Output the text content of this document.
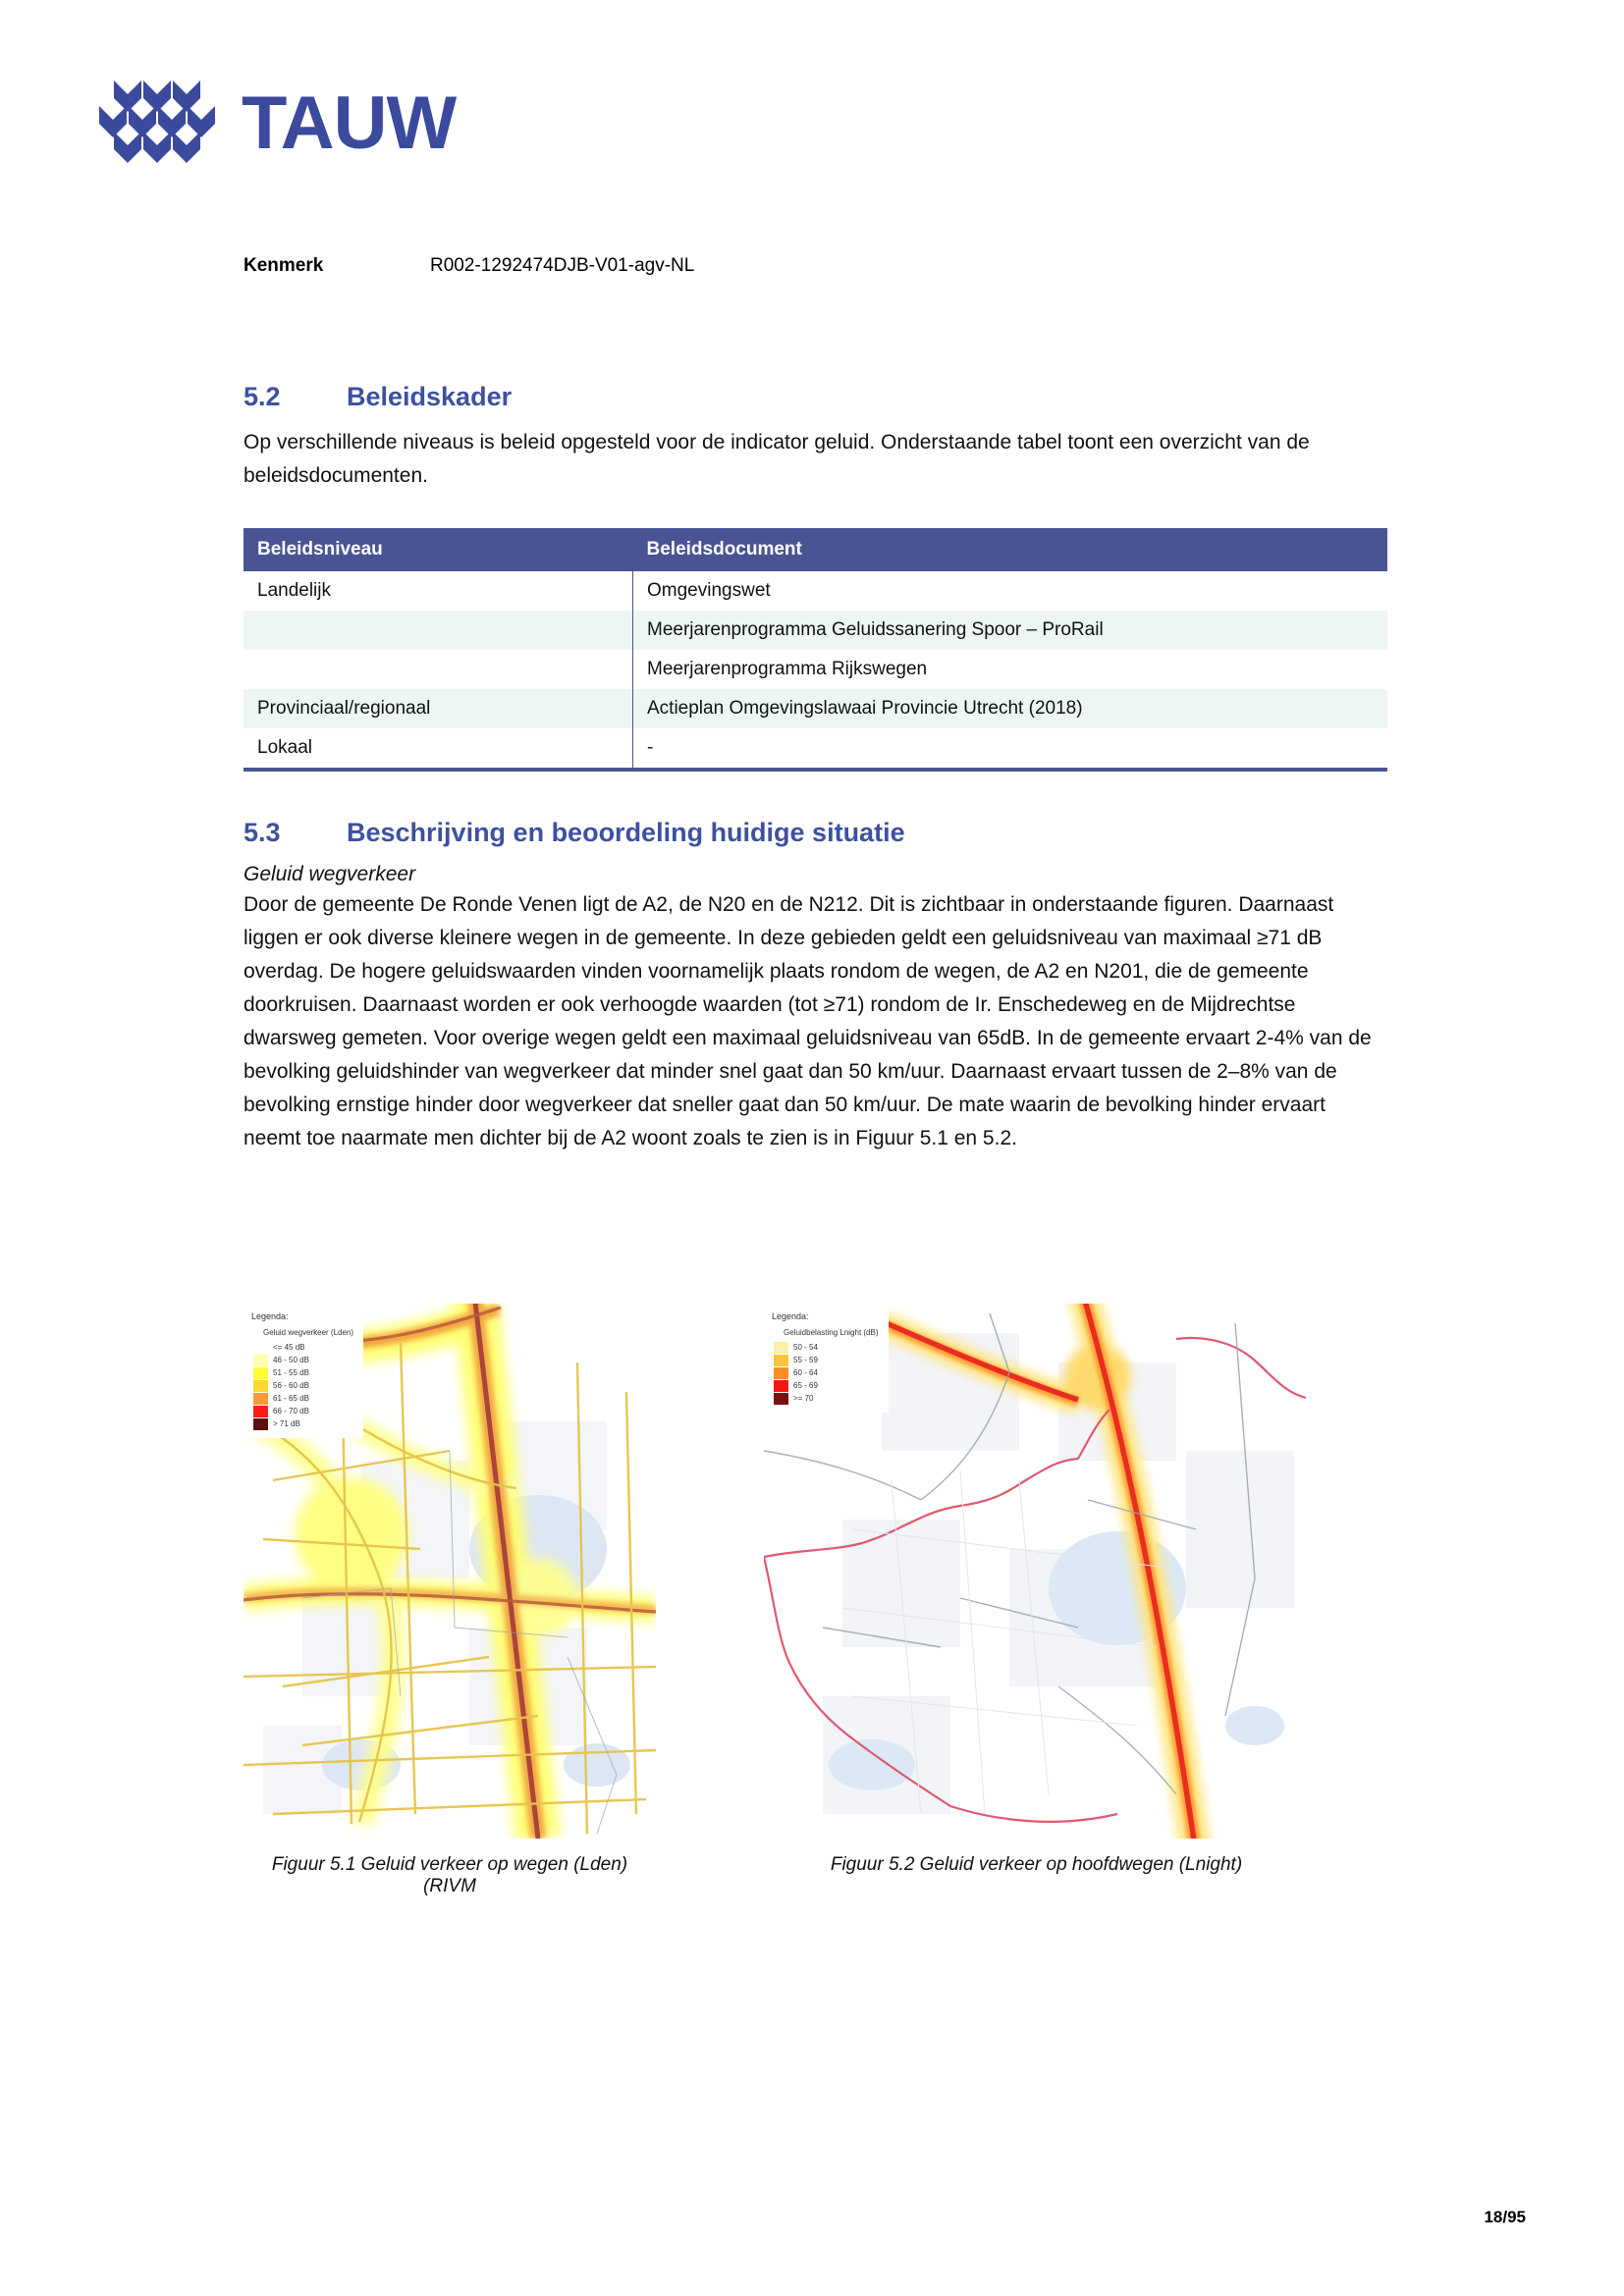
TAUW
Kenmerk	R002-1292474DJB-V01-agv-NL
5.2	Beleidskader

Op verschillende niveaus is beleid opgesteld voor de indicator geluid. Onderstaande tabel toont een overzicht van de beleidsdocumenten.

Beleidsniveau	Beleidsdocument
Landelijk	Omgevingswet
	Meerjarenprogramma Geluidssanering Spoor – ProRail
	Meerjarenprogramma Rijkswegen
Provinciaal/regionaal	Actieplan Omgevingslawaai Provincie Utrecht (2018)
Lokaal	-
5.3	Beschrijving en beoordeling huidige situatie
Geluid wegverkeer

Door de gemeente De Ronde Venen ligt de A2, de N20 en de N212. Dit is zichtbaar in onderstaande figuren. Daarnaast liggen er ook diverse kleinere wegen in de gemeente. In deze gebieden geldt een geluidsniveau van maximaal ≥71 dB overdag. De hogere geluidswaarden vinden voornamelijk plaats rondom de wegen, de A2 en N201, die de gemeente doorkruisen. Daarnaast worden er ook verhoogde waarden (tot ≥71) rondom de Ir. Enschedeweg en de Mijdrechtse dwarsweg gemeten. Voor overige wegen geldt een maximaal geluidsniveau van 65dB. In de gemeente ervaart 2-4% van de bevolking geluidshinder van wegverkeer dat minder snel gaat dan 50 km/uur. Daarnaast ervaart tussen de 2–8% van de bevolking ernstige hinder door wegverkeer dat sneller gaat dan 50 km/uur. De mate waarin de bevolking hinder ervaart neemt toe naarmate men dichter bij de A2 woont zoals te zien is in Figuur 5.1 en 5.2.

Legenda:
Geluid wegverkeer (Lden)
<= 45 dB
46 - 50 dB
51 - 55 dB
56 - 60 dB
61 - 65 dB
66 - 70 dB
> 71 dB
Figuur 5.1 Geluid verkeer op wegen (Lden) (RIVM
Legenda:
Geluidbelasting Lnight (dB)
50 - 54
55 - 59
60 - 64
65 - 69
>= 70
Figuur 5.2 Geluid verkeer op hoofdwegen (Lnight)
18/95
